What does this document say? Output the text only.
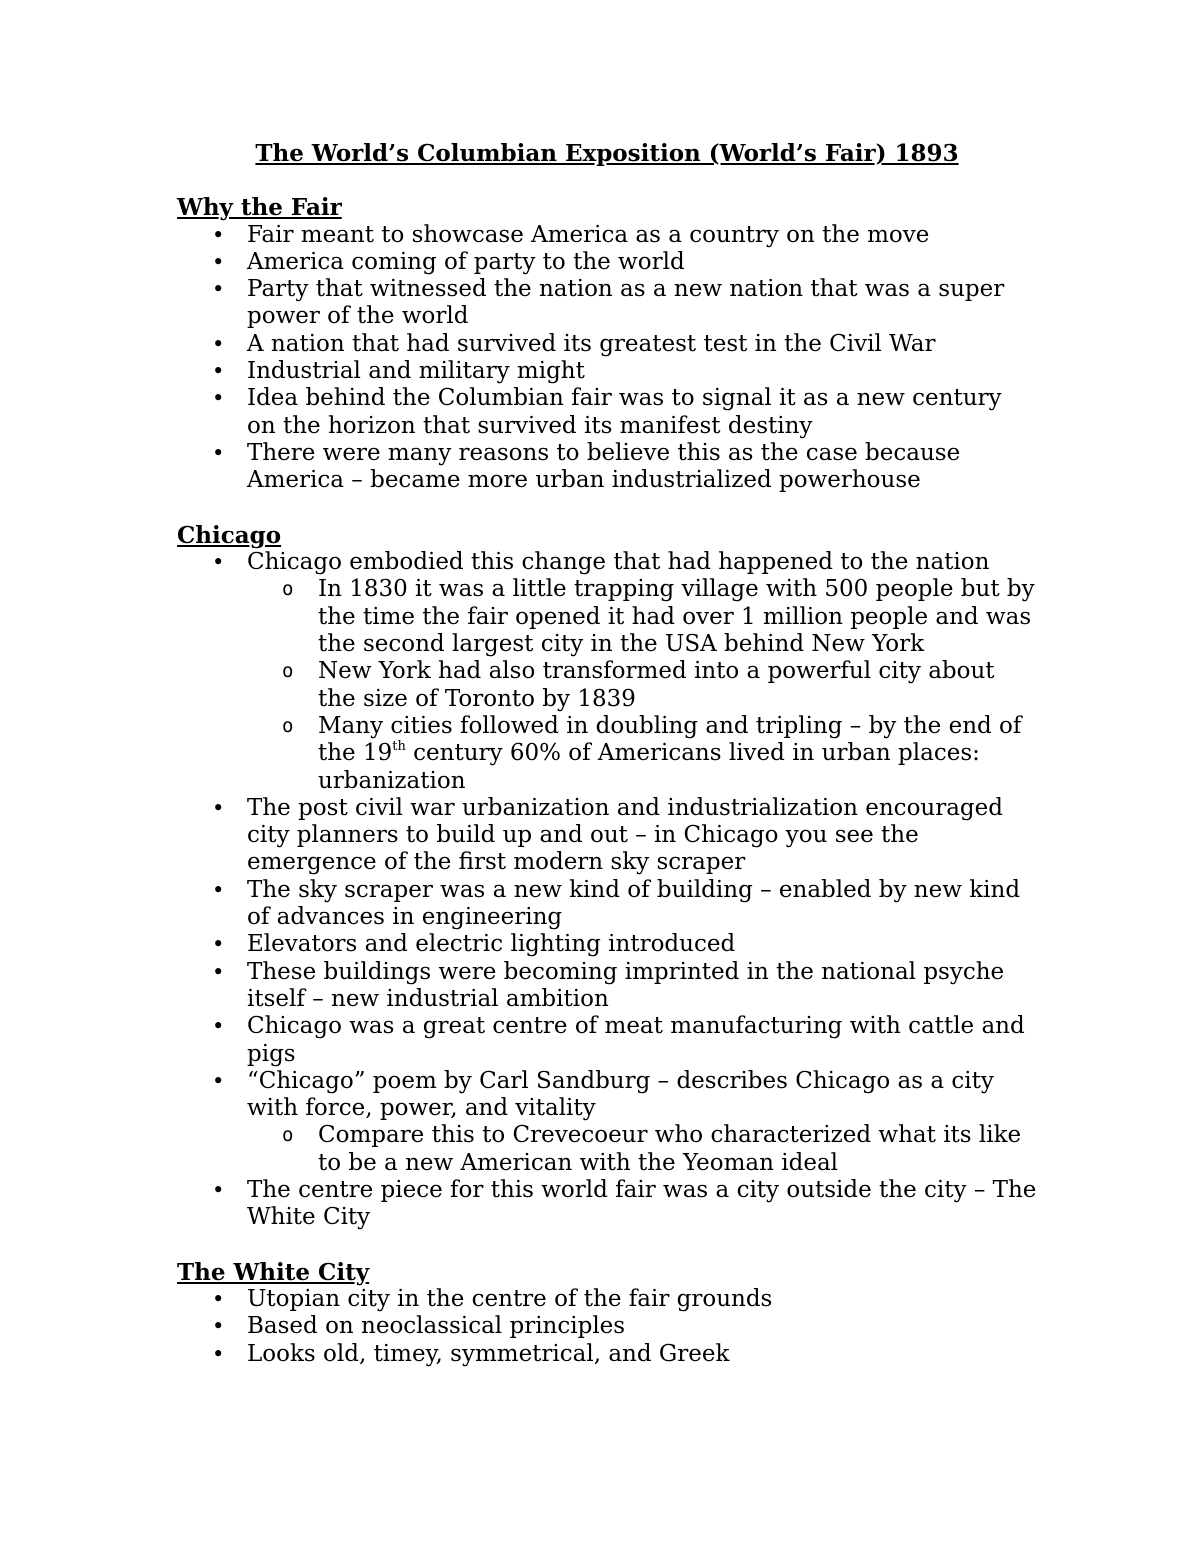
The World’s Columbian Exposition (World’s Fair) 1893
Why the Fair
• Fair meant to showcase America as a country on the move
• America coming of party to the world
• Party that witnessed the nation as a new nation that was a super power of the world
• A nation that had survived its greatest test in the Civil War
• Industrial and military might
• Idea behind the Columbian fair was to signal it as a new century on the horizon that survived its manifest destiny
• There were many reasons to believe this as the case because America – became more urban industrialized powerhouse
Chicago
• Chicago embodied this change that had happened to the nation
o In 1830 it was a little trapping village with 500 people but by the time the fair opened it had over 1 million people and was the second largest city in the USA behind New York
o New York had also transformed into a powerful city about the size of Toronto by 1839
o Many cities followed in doubling and tripling – by the end of the 19th century 60% of Americans lived in urban places: urbanization
• The post civil war urbanization and industrialization encouraged city planners to build up and out – in Chicago you see the emergence of the first modern sky scraper
• The sky scraper was a new kind of building – enabled by new kind of advances in engineering
• Elevators and electric lighting introduced
• These buildings were becoming imprinted in the national psyche itself – new industrial ambition
• Chicago was a great centre of meat manufacturing with cattle and pigs
• “Chicago” poem by Carl Sandburg – describes Chicago as a city with force, power, and vitality
o Compare this to Crevecoeur who characterized what its like to be a new American with the Yeoman ideal
• The centre piece for this world fair was a city outside the city – The White City
The White City
• Utopian city in the centre of the fair grounds
• Based on neoclassical principles
• Looks old, timey, symmetrical, and Greek
